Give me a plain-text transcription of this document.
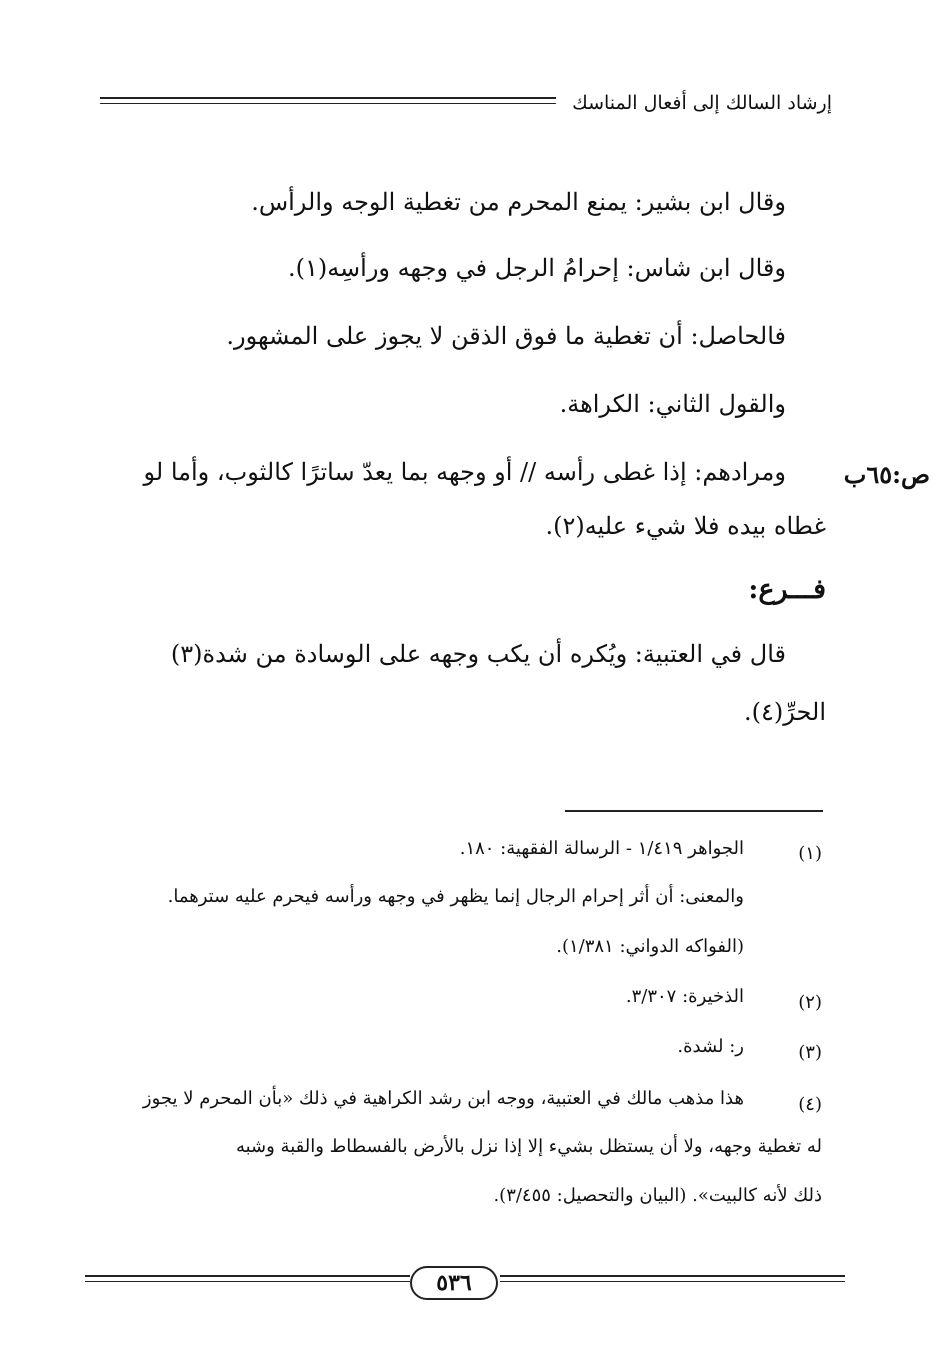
إرشاد السالك إلى أفعال المناسك
وقال ابن بشير: يمنع المحرم من تغطية الوجه والرأس.
وقال ابن شاس: إحرامُ الرجل في وجهه ورأسِه(١).
فالحاصل: أن تغطية ما فوق الذقن لا يجوز على المشهور.
والقول الثاني: الكراهة.
ص:٦٥ب
ومرادهم: إذا غطى رأسه // أو وجهه بما يعدّ ساترًا كالثوب، وأما لو
غطاه بيده فلا شيء عليه(٢).
فـــرع:
قال في العتبية: ويُكره أن يكب وجهه على الوسادة من شدة(٣)
الحرِّ(٤).
(١)
الجواهر ١/٤١٩ - الرسالة الفقهية: ١٨٠.
والمعنى: أن أثر إحرام الرجال إنما يظهر في وجهه ورأسه فيحرم عليه سترهما.
(الفواكه الدواني: ١/٣٨١).
(٢)
الذخيرة: ٣/٣٠٧.
(٣)
ر: لشدة.
(٤)
هذا مذهب مالك في العتبية، ووجه ابن رشد الكراهية في ذلك «بأن المحرم لا يجوز
له تغطية وجهه، ولا أن يستظل بشيء إلا إذا نزل بالأرض بالفسطاط والقبة وشبه
ذلك لأنه كالبيت». (البيان والتحصيل: ٣/٤٥٥).
٥٣٦
